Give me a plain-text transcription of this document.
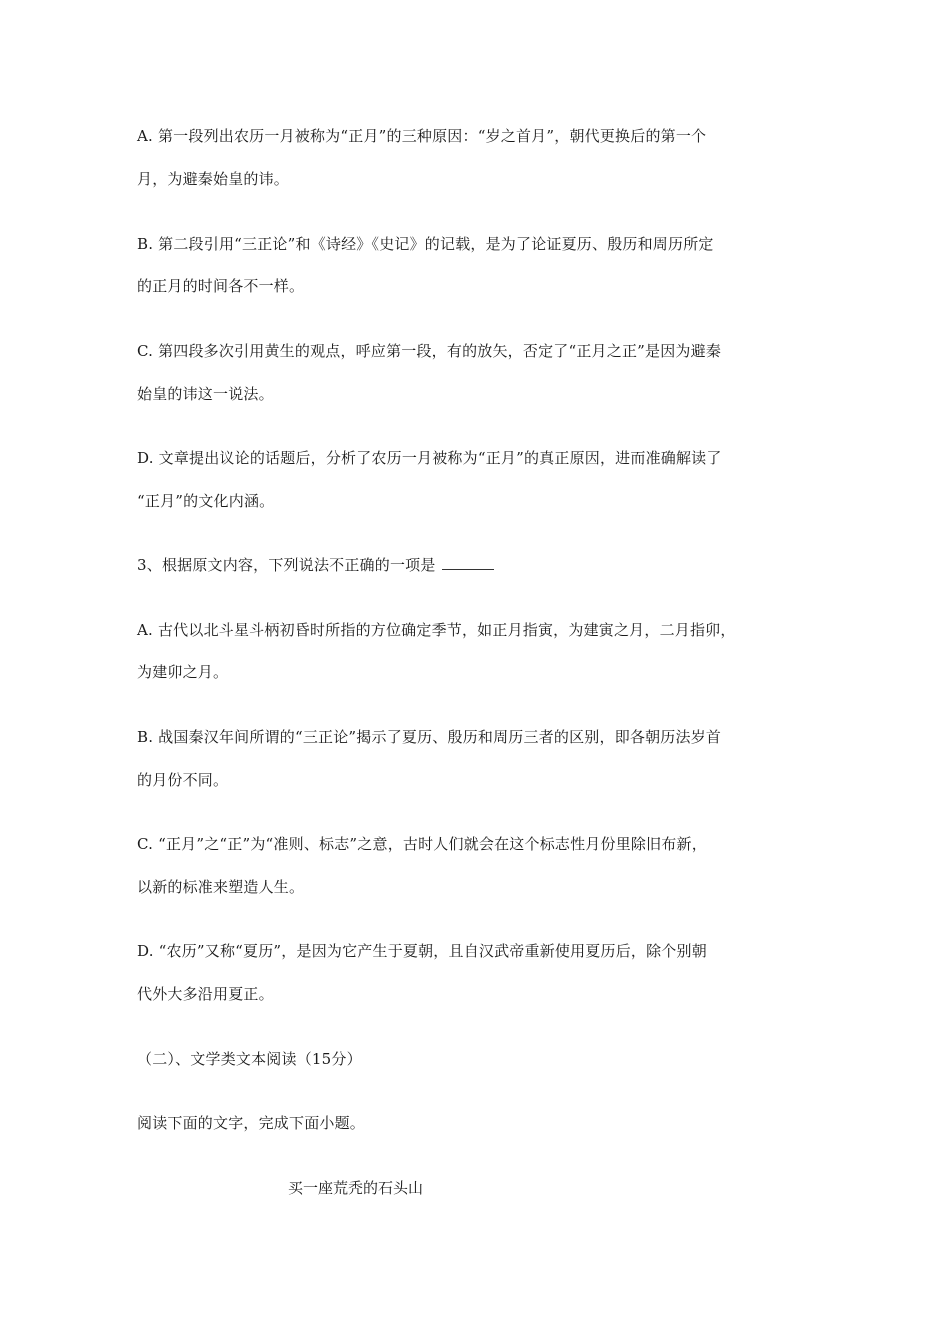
A. 第一段列出农历一月被称为“正月”的三种原因：“岁之首月”，朝代更换后的第一个
月，为避秦始皇的讳。
B. 第二段引用“三正论”和《诗经》《史记》的记载，是为了论证夏历、殷历和周历所定
的正月的时间各不一样。
C. 第四段多次引用黄生的观点，呼应第一段，有的放矢，否定了“正月之正”是因为避秦
始皇的讳这一说法。
D. 文章提出议论的话题后，分析了农历一月被称为“正月”的真正原因，进而准确解读了
“正月”的文化内涵。
3、根据原文内容，下列说法不正确的一项是
A. 古代以北斗星斗柄初昏时所指的方位确定季节，如正月指寅，为建寅之月，二月指卯，
为建卯之月。
B. 战国秦汉年间所谓的“三正论”揭示了夏历、殷历和周历三者的区别，即各朝历法岁首
的月份不同。
C. “正月”之“正”为“准则、标志”之意，古时人们就会在这个标志性月份里除旧布新，
以新的标准来塑造人生。
D. “农历”又称“夏历”，是因为它产生于夏朝，且自汉武帝重新使用夏历后，除个别朝
代外大多沿用夏正。
（二）、文学类文本阅读（15分）
阅读下面的文字，完成下面小题。
买一座荒秃的石头山
